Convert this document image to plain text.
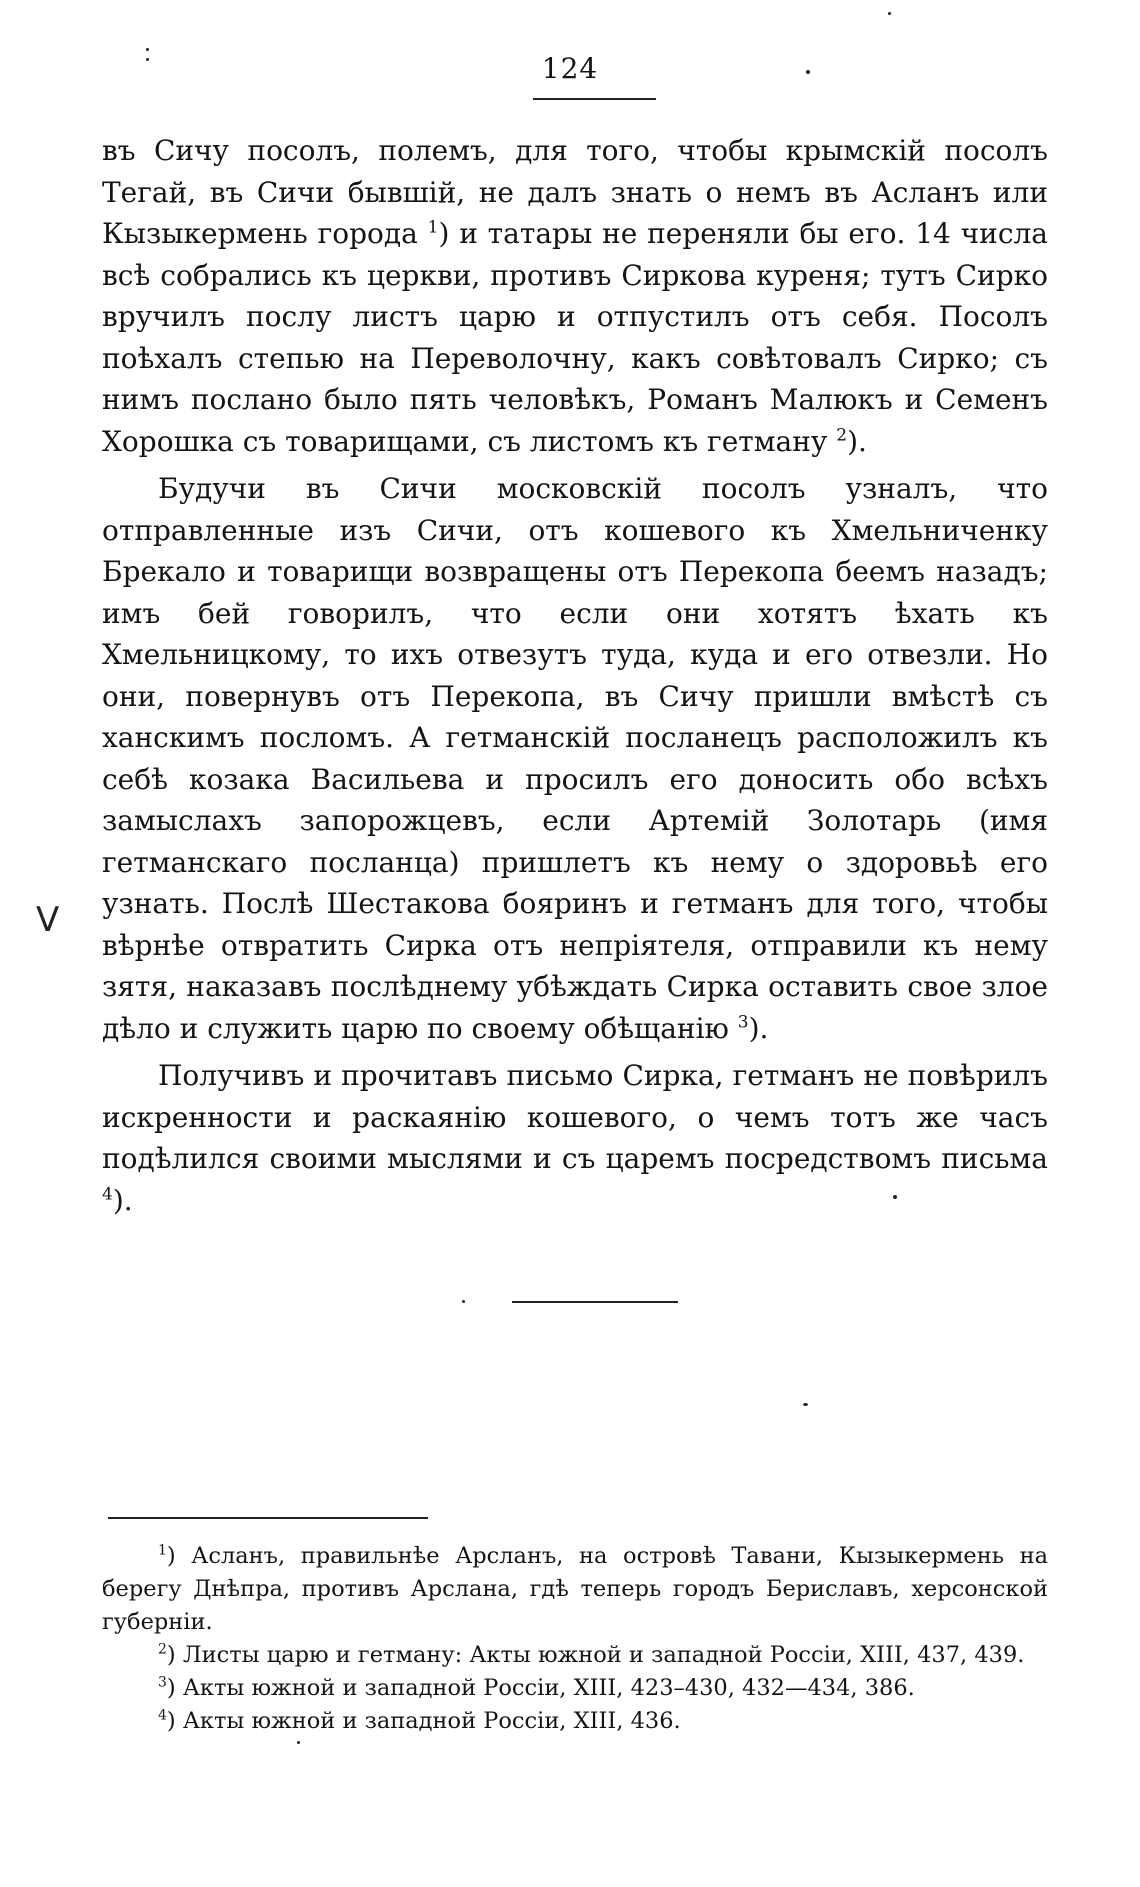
124
V

въ Сичу посолъ, полемъ, для того, чтобы крымскій посолъ Тегай, въ Сичи бывшій, не далъ знать о немъ въ Асланъ или Кызыкермень города $^1$) и татары не переняли бы его. 14 числа всѣ собрались къ церкви, противъ Сиркова куреня; тутъ Сирко вручилъ послу листъ царю и отпустилъ отъ себя. Посолъ поѣхалъ степью на Переволочну, какъ совѣтовалъ Сирко; съ нимъ послано было пять человѣкъ, Романъ Малюкъ и Семенъ Хорошка съ товарищами, съ листомъ къ гетману $^2$).

Будучи въ Сичи московскій посолъ узналъ, что отправленные изъ Сичи, отъ кошевого къ Хмельниченку Брекало и товарищи возвращены отъ Перекопа беемъ назадъ; имъ бей говорилъ, что если они хотятъ ѣхать къ Хмельницкому, то ихъ отвезутъ туда, куда и его отвезли. Но они, повернувъ отъ Перекопа, въ Сичу пришли вмѣстѣ съ ханскимъ посломъ. А гетманскій посланецъ расположилъ къ себѣ козака Васильева и просилъ его доносить обо всѣхъ замыслахъ запорожцевъ, если Артемій Золотарь (имя гетманскаго посланца) пришлетъ къ нему о здоровьѣ его узнать. Послѣ Шестакова бояринъ и гетманъ для того, чтобы вѣрнѣе отвратить Сирка отъ непріятеля, отправили къ нему зятя, наказавъ послѣднему убѣждать Сирка оставить свое злое дѣло и служить царю по своему обѣщанію $^3$).

Получивъ и прочитавъ письмо Сирка, гетманъ не повѣрилъ искренности и раскаянію кошевого, о чемъ тотъ же часъ подѣлился своими мыслями и съ царемъ посредствомъ письма $^4$).

$^1$) Асланъ, правильнѣе Арсланъ, на островѣ Тавани, Кызыкермень на берегу Днѣпра, противъ Арслана, гдѣ теперь городъ Бериславъ, херсонской губерніи.

$^2$) Листы царю и гетману: Акты южной и западной Россіи, XIII, 437, 439.

$^3$) Акты южной и западной Россіи, XIII, 423–430, 432—434, 386.

$^4$) Акты южной и западной Россіи, XIII, 436.
